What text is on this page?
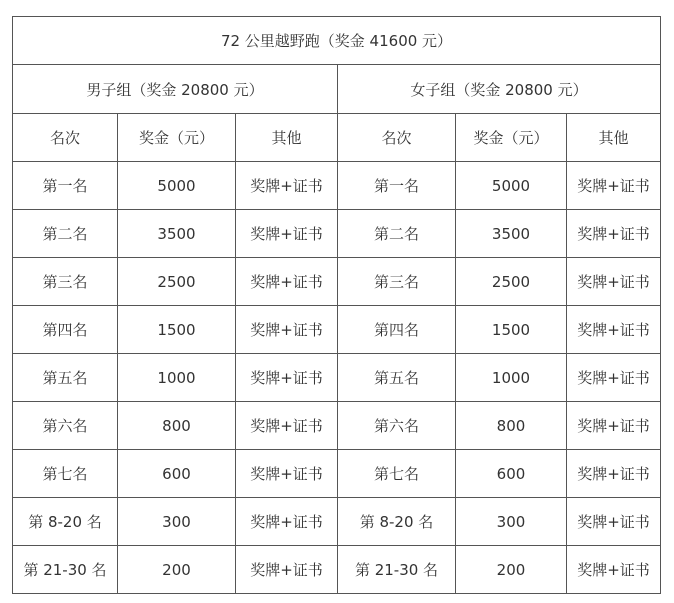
72 公里越野跑（奖金 41600 元）					
男子组（奖金 20800 元）			女子组（奖金 20800 元）		
名次	奖金（元）	其他	名次	奖金（元）	其他
第一名	5000	奖牌+证书	第一名	5000	奖牌+证书
第二名	3500	奖牌+证书	第二名	3500	奖牌+证书
第三名	2500	奖牌+证书	第三名	2500	奖牌+证书
第四名	1500	奖牌+证书	第四名	1500	奖牌+证书
第五名	1000	奖牌+证书	第五名	1000	奖牌+证书
第六名	800	奖牌+证书	第六名	800	奖牌+证书
第七名	600	奖牌+证书	第七名	600	奖牌+证书
第 8-20 名	300	奖牌+证书	第 8-20 名	300	奖牌+证书
第 21-30 名	200	奖牌+证书	第 21-30 名	200	奖牌+证书
